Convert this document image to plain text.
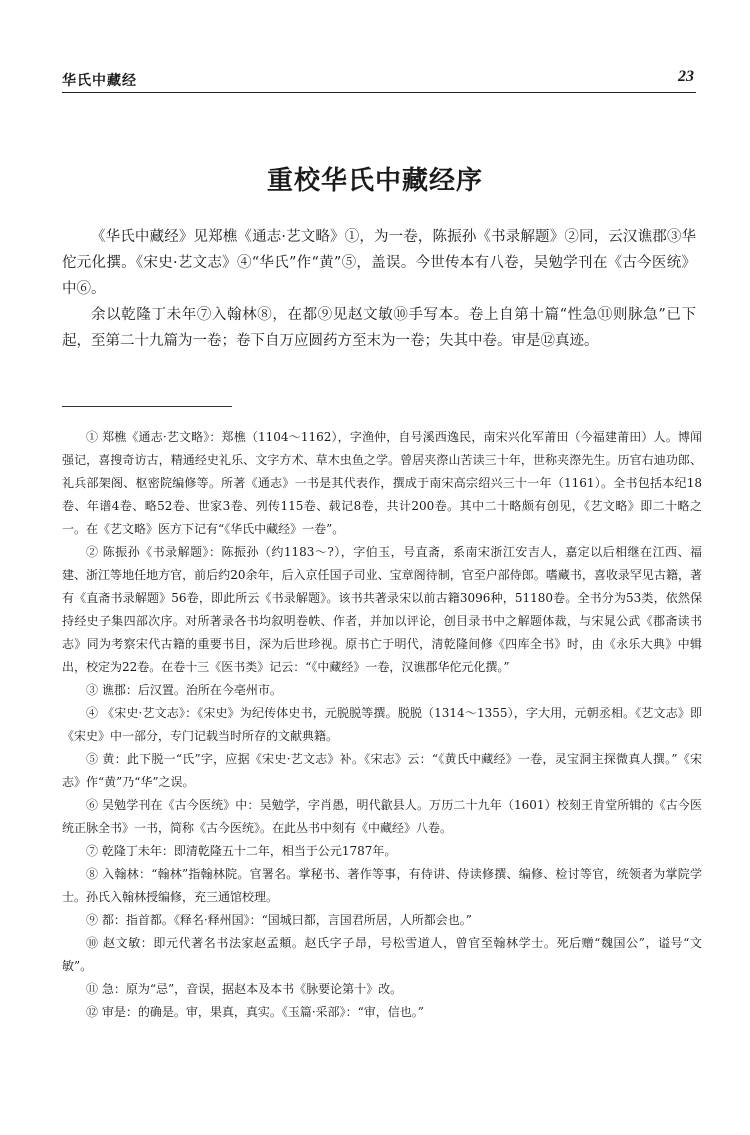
华氏中藏经	23
重校华氏中藏经序

《华氏中藏经》见郑樵《通志·艺文略》①，为一卷，陈振孙《书录解题》②同，云汉谯郡③华佗元化撰。《宋史·艺文志》④“华氏”作“黄”⑤，盖误。今世传本有八卷，吴勉学刊在《古今医统》中⑥。

余以乾隆丁未年⑦入翰林⑧，在都⑨见赵文敏⑩手写本。卷上自第十篇“性急⑪则脉急”已下起，至第二十九篇为一卷；卷下自万应圆药方至末为一卷；失其中卷。审是⑫真迹。

① 郑樵《通志·艺文略》：郑樵（1104～1162），字渔仲，自号溪西逸民，南宋兴化军莆田（今福建莆田）人。博闻强记，喜搜奇访古，精通经史礼乐、文字方术、草木虫鱼之学。曾居夹漈山苦读三十年，世称夹漈先生。历官右迪功郎、礼兵部架阁、枢密院编修等。所著《通志》一书是其代表作，撰成于南宋高宗绍兴三十一年（1161）。全书包括本纪18卷、年谱4卷、略52卷、世家3卷、列传115卷、载记8卷，共计200卷。其中二十略颇有创见，《艺文略》即二十略之一。在《艺文略》医方下记有“《华氏中藏经》一卷”。

② 陈振孙《书录解题》：陈振孙（约1183～?），字伯玉，号直斋，系南宋浙江安吉人，嘉定以后相继在江西、福建、浙江等地任地方官，前后约20余年，后入京任国子司业、宝章阁待制，官至户部侍郎。嗜藏书，喜收录罕见古籍，著有《直斋书录解题》56卷，即此所云《书录解题》。该书共著录宋以前古籍3096种，51180卷。全书分为53类，依然保持经史子集四部次序。对所著录各书均叙明卷帙、作者，并加以评论，创目录书中之解题体裁，与宋晁公武《郡斋读书志》同为考察宋代古籍的重要书目，深为后世珍视。原书亡于明代，清乾隆间修《四库全书》时，由《永乐大典》中辑出，校定为22卷。在卷十三《医书类》记云：“《中藏经》一卷，汉谯郡华佗元化撰。”

③ 谯郡：后汉置。治所在今亳州市。

④ 《宋史·艺文志》：《宋史》为纪传体史书，元脱脱等撰。脱脱（1314～1355），字大用，元朝丞相。《艺文志》即《宋史》中一部分，专门记载当时所存的文献典籍。

⑤ 黄：此下脱一“氏”字，应据《宋史·艺文志》补。《宋志》云：“《黄氏中藏经》一卷，灵宝洞主探微真人撰。”《宋志》作“黄”乃“华”之误。

⑥ 吴勉学刊在《古今医统》中：吴勉学，字肖愚，明代歙县人。万历二十九年（1601）校刻王肯堂所辑的《古今医统正脉全书》一书，简称《古今医统》。在此丛书中刻有《中藏经》八卷。

⑦ 乾隆丁未年：即清乾隆五十二年，相当于公元1787年。

⑧ 入翰林：“翰林”指翰林院。官署名。掌秘书、著作等事，有侍讲、侍读修撰、编修、检讨等官，统领者为掌院学士。孙氏入翰林授编修，充三通馆校理。

⑨ 都：指首都。《释名·释州国》：“国城曰都，言国君所居，人所都会也。”

⑩ 赵文敏：即元代著名书法家赵孟頫。赵氏字子昂，号松雪道人，曾官至翰林学士。死后赠“魏国公”，谥号“文敏”。

⑪ 急：原为“忌”，音误，据赵本及本书《脉要论第十》改。

⑫ 审是：的确是。审，果真，真实。《玉篇·采部》：“审，信也。”
